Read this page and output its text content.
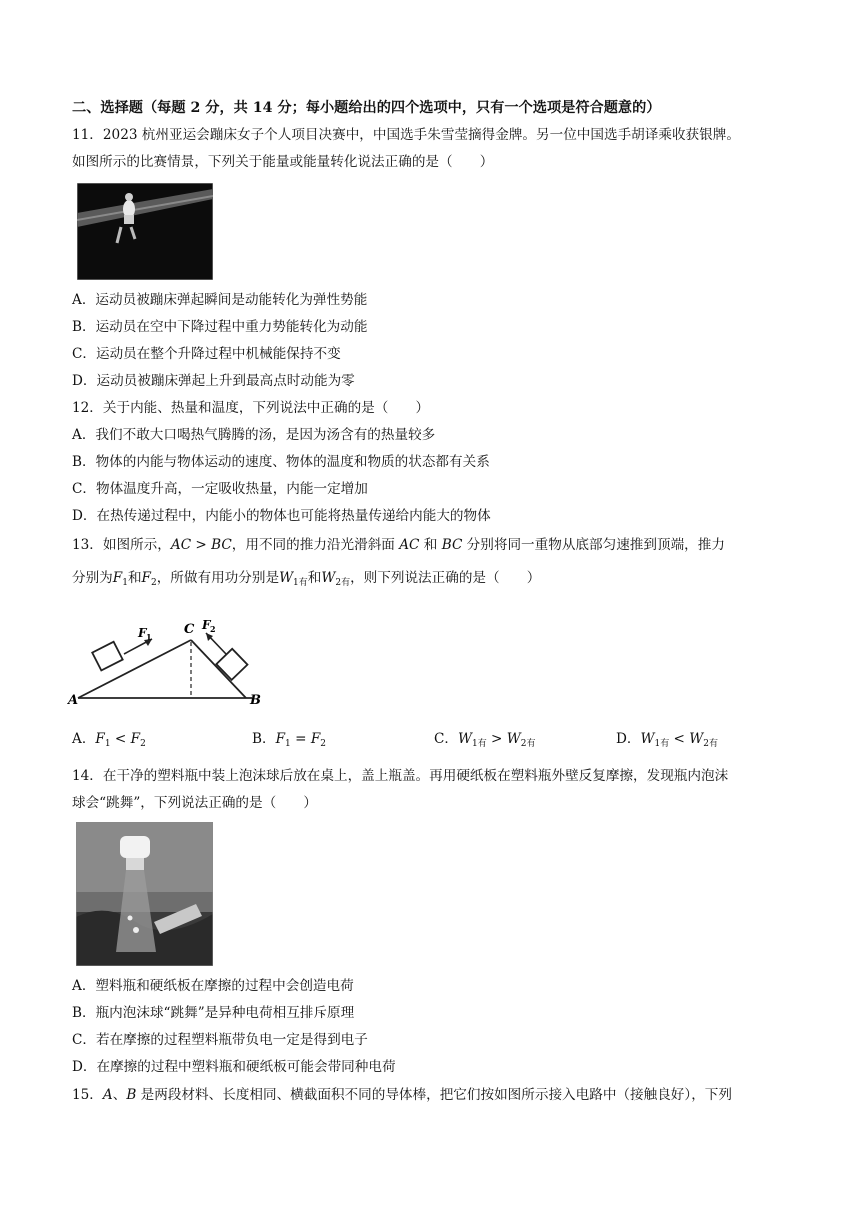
二、选择题（每题 2 分，共 14 分；每小题给出的四个选项中，只有一个选项是符合题意的）
11．2023 杭州亚运会蹦床女子个人项目决赛中，中国选手朱雪莹摘得金牌。另一位中国选手胡译乘收获银牌。
如图所示的比赛情景，下列关于能量或能量转化说法正确的是（　　）
A．运动员被蹦床弹起瞬间是动能转化为弹性势能
B．运动员在空中下降过程中重力势能转化为动能
C．运动员在整个升降过程中机械能保持不变
D．运动员被蹦床弹起上升到最高点时动能为零
12．关于内能、热量和温度，下列说法中正确的是（　　）
A．我们不敢大口喝热气腾腾的汤，是因为汤含有的热量较多
B．物体的内能与物体运动的速度、物体的温度和物质的状态都有关系
C．物体温度升高，一定吸收热量，内能一定增加
D．在热传递过程中，内能小的物体也可能将热量传递给内能大的物体
13．如图所示，AC > BC，用不同的推力沿光滑斜面 AC 和 BC 分别将同一重物从底部匀速推到顶端，推力
分别为$F_1$和$F_2$，所做有用功分别是$W_{1有}$和$W_{2有}$，则下列说法正确的是（　　）
A	B
C
F 1
F 2
A．$F_1 < F_2$	B．$F_1 = F_2$	C．$W_{1有} > W_{2有}$	D．$W_{1有} < W_{2有}$
14．在干净的塑料瓶中装上泡沫球后放在桌上，盖上瓶盖。再用硬纸板在塑料瓶外壁反复摩擦，发现瓶内泡沫
球会“跳舞”，下列说法正确的是（　　）
A．塑料瓶和硬纸板在摩擦的过程中会创造电荷
B．瓶内泡沫球“跳舞”是异种电荷相互排斥原理
C．若在摩擦的过程塑料瓶带负电一定是得到电子
D．在摩擦的过程中塑料瓶和硬纸板可能会带同种电荷
15．A、B 是两段材料、长度相同、横截面积不同的导体棒，把它们按如图所示接入电路中（接触良好），下列
